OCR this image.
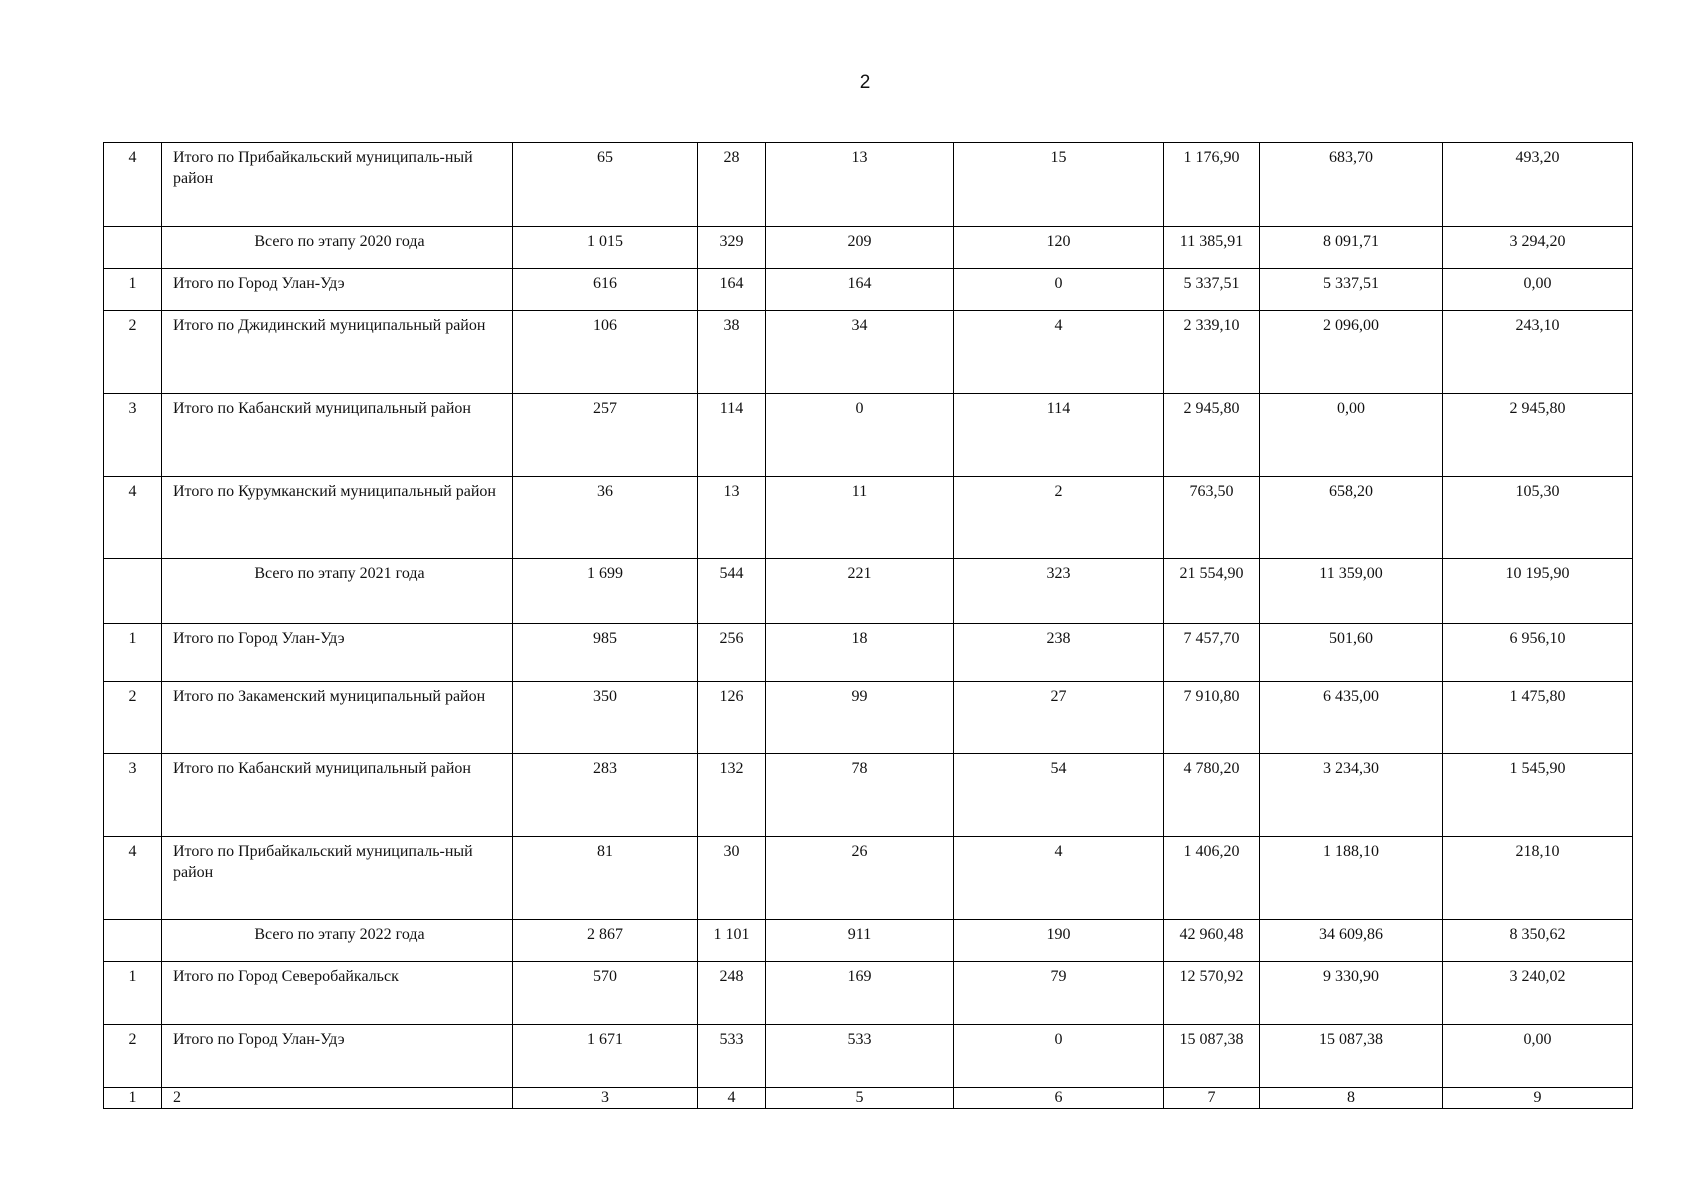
2
4	Итого по Прибайкальский муниципаль-ный район	65	28	13	15	1 176,90	683,70	493,20
	Всего по этапу 2020 года	1 015	329	209	120	11 385,91	8 091,71	3 294,20
1	Итого по Город Улан-Удэ	616	164	164	0	5 337,51	5 337,51	0,00
2	Итого по Джидинский муниципальный район	106	38	34	4	2 339,10	2 096,00	243,10
3	Итого по Кабанский муниципальный район	257	114	0	114	2 945,80	0,00	2 945,80
4	Итого по Курумканский муниципальный район	36	13	11	2	763,50	658,20	105,30
	Всего по этапу 2021 года	1 699	544	221	323	21 554,90	11 359,00	10 195,90
1	Итого по Город Улан-Удэ	985	256	18	238	7 457,70	501,60	6 956,10
2	Итого по Закаменский муниципальный район	350	126	99	27	7 910,80	6 435,00	1 475,80
3	Итого по Кабанский муниципальный район	283	132	78	54	4 780,20	3 234,30	1 545,90
4	Итого по Прибайкальский муниципаль-ный район	81	30	26	4	1 406,20	1 188,10	218,10
	Всего по этапу 2022 года	2 867	1 101	911	190	42 960,48	34 609,86	8 350,62
1	Итого по Город Северобайкальск	570	248	169	79	12 570,92	9 330,90	3 240,02
2	Итого по Город Улан-Удэ	1 671	533	533	0	15 087,38	15 087,38	0,00
1	2	3	4	5	6	7	8	9
